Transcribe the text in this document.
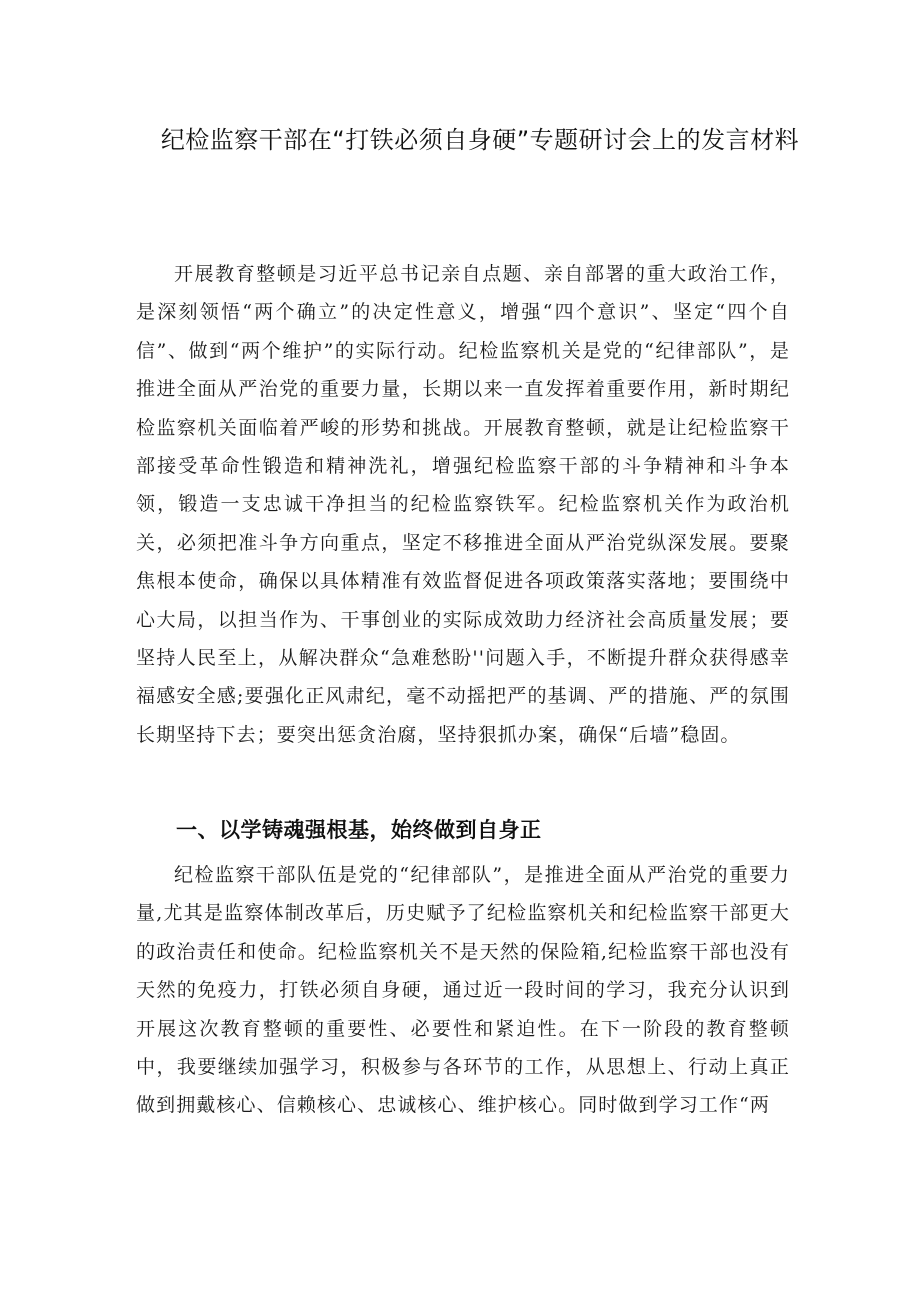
纪检监察干部在“打铁必须自身硬”专题研讨会上的发言材料

开展教育整顿是习近平总书记亲自点题、亲自部署的重大政治工作，是深刻领悟“两个确立”的决定性意义，增强“四个意识”、坚定“四个自信”、做到“两个维护”的实际行动。纪检监察机关是党的“纪律部队”，是推进全面从严治党的重要力量，长期以来一直发挥着重要作用，新时期纪检监察机关面临着严峻的形势和挑战。开展教育整顿，就是让纪检监察干部接受革命性锻造和精神洗礼，增强纪检监察干部的斗争精神和斗争本领，锻造一支忠诚干净担当的纪检监察铁军。纪检监察机关作为政治机关，必须把准斗争方向重点，坚定不移推进全面从严治党纵深发展。要聚焦根本使命，确保以具体精准有效监督促进各项政策落实落地；要围绕中心大局，以担当作为、干事创业的实际成效助力经济社会高质量发展；要坚持人民至上，从解决群众“急难愁盼''问题入手，不断提升群众获得感幸福感安全感;要强化正风肃纪，毫不动摇把严的基调、严的措施、严的氛围长期坚持下去；要突出惩贪治腐，坚持狠抓办案，确保“后墙”稳固。

一、以学铸魂强根基，始终做到自身正

纪检监察干部队伍是党的“纪律部队”，是推进全面从严治党的重要力量,尤其是监察体制改革后，历史赋予了纪检监察机关和纪检监察干部更大的政治责任和使命。纪检监察机关不是天然的保险箱,纪检监察干部也没有天然的免疫力，打铁必须自身硬，通过近一段时间的学习，我充分认识到开展这次教育整顿的重要性、必要性和紧迫性。在下一阶段的教育整顿中，我要继续加强学习，积极参与各环节的工作，从思想上、行动上真正做到拥戴核心、信赖核心、忠诚核心、维护核心。同时做到学习工作“两
